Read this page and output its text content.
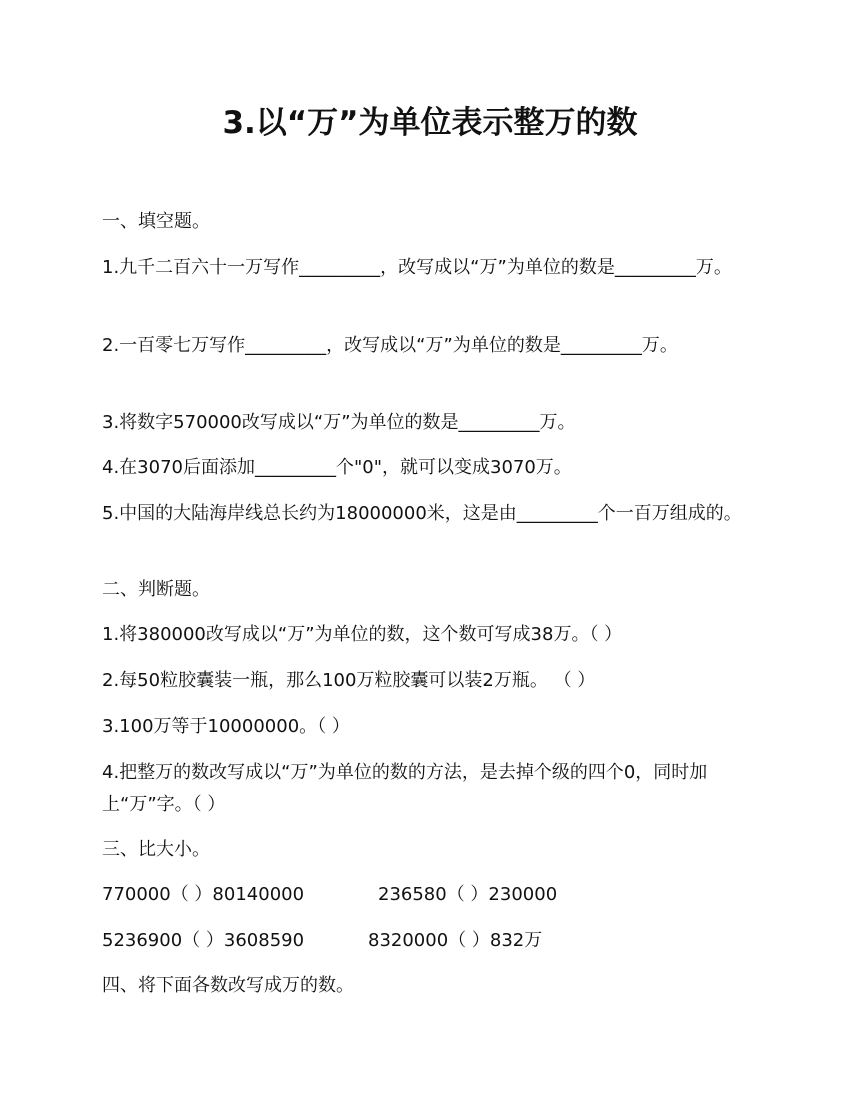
3.以“万”为单位表示整万的数

一、填空题。

1.九千二百六十一万写作_________，改写成以“万”为单位的数是_________万。

2.一百零七万写作_________，改写成以“万”为单位的数是_________万。

3.将数字570000改写成以“万”为单位的数是_________万。

4.在3070后面添加_________个"0"，就可以变成3070万。

5.中国的大陆海岸线总长约为18000000米，这是由_________个一百万组成的。

二、判断题。

1.将380000改写成以“万”为单位的数，这个数可写成38万。（ ）

2.每50粒胶囊装一瓶，那么100万粒胶囊可以装2万瓶。 （ ）

3.100万等于10000000。（ ）

4.把整万的数改写成以“万”为单位的数的方法，是去掉个级的四个0，同时加上“万”字。（ ）

三、比大小。

770000（ ）80140000	236580（ ）230000

5236900（ ）3608590	8320000（ ）832万

四、将下面各数改写成万的数。
